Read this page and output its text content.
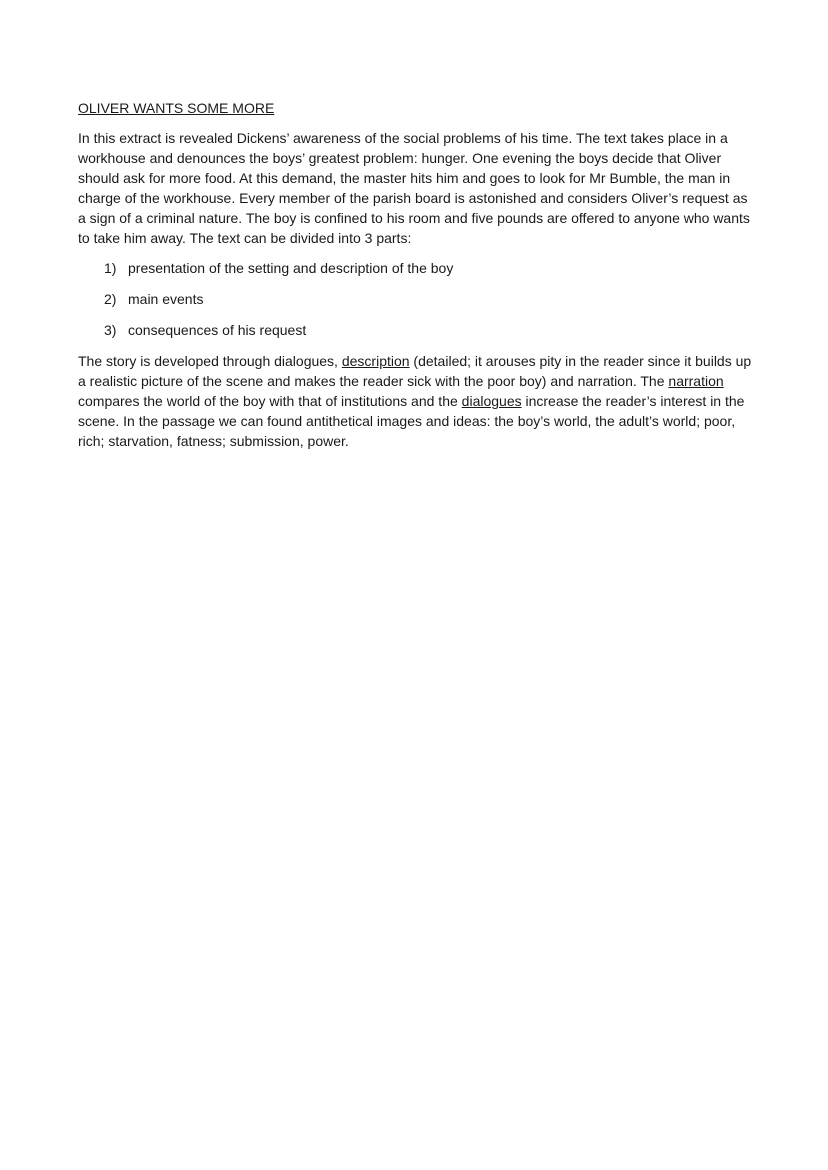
OLIVER WANTS SOME MORE

In this extract is revealed Dickens’ awareness of the social problems of his time. The text takes place in a workhouse and denounces the boys’ greatest problem: hunger. One evening the boys decide that Oliver should ask for more food. At this demand, the master hits him and goes to look for Mr Bumble, the man in charge of the workhouse. Every member of the parish board is astonished and considers Oliver’s request as a sign of a criminal nature. The boy is confined to his room and five pounds are offered to anyone who wants to take him away. The text can be divided into 3 parts:

1) presentation of the setting and description of the boy
2) main events
3) consequences of his request

The story is developed through dialogues, description (detailed; it arouses pity in the reader since it builds up a realistic picture of the scene and makes the reader sick with the poor boy) and narration. The narration compares the world of the boy with that of institutions and the dialogues increase the reader’s interest in the scene. In the passage we can found antithetical images and ideas: the boy’s world, the adult’s world; poor, rich; starvation, fatness; submission, power.
